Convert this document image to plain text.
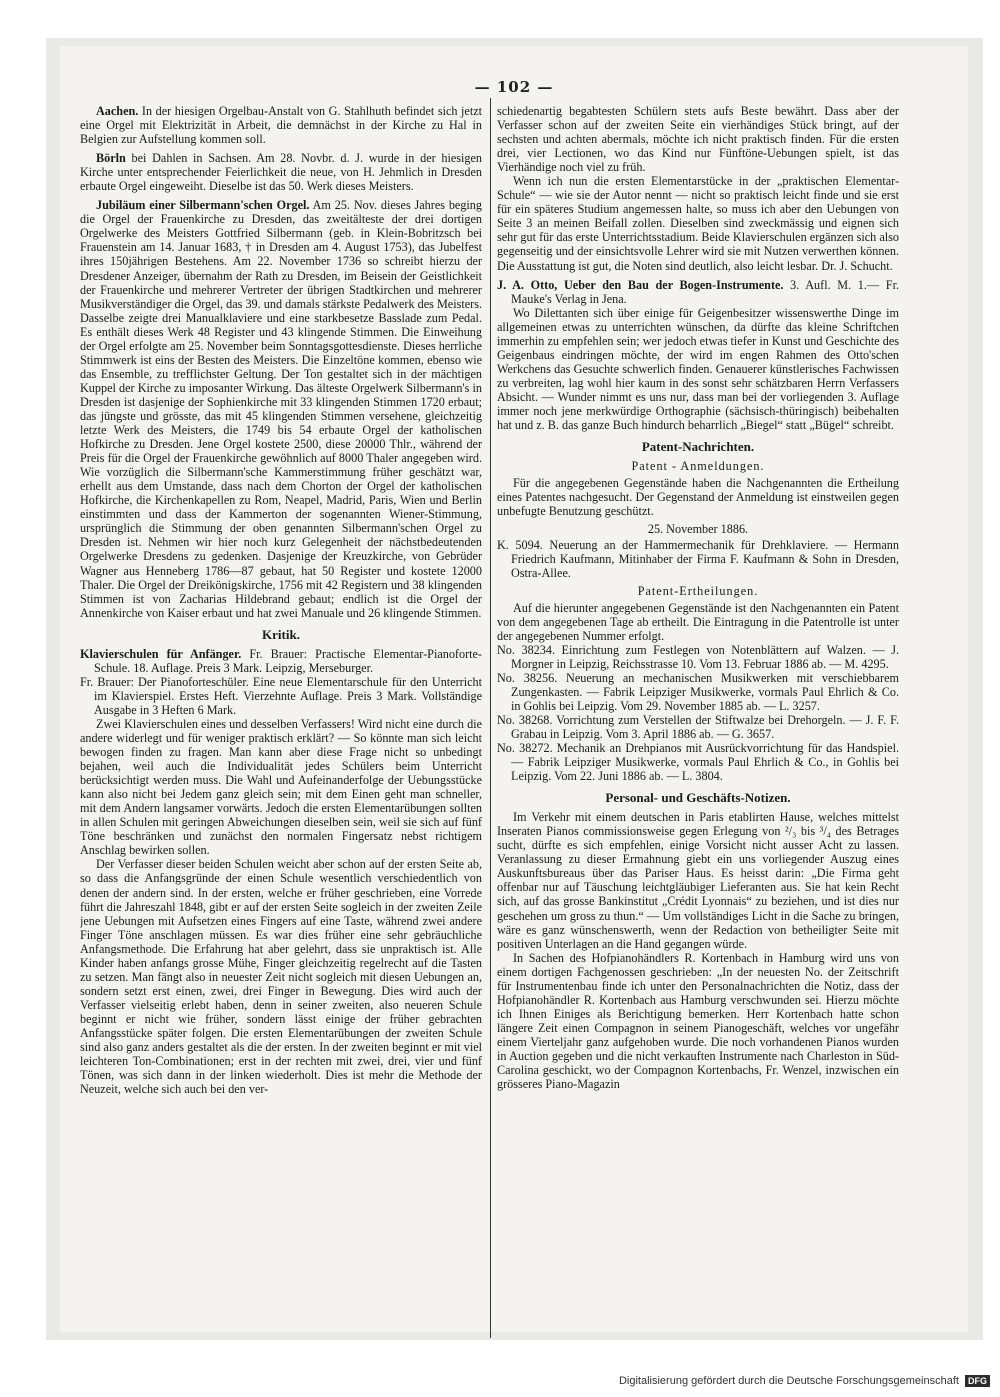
— 102 —

Aachen. In der hiesigen Orgelbau-Anstalt von G. Stahlhuth befindet sich jetzt eine Orgel mit Elektrizität in Arbeit, die demnächst in der Kirche zu Hal in Belgien zur Aufstellung kommen soll.

Börln bei Dahlen in Sachsen. Am 28. Novbr. d. J. wurde in der hiesigen Kirche unter entsprechender Feierlichkeit die neue, von H. Jehmlich in Dresden erbaute Orgel eingeweiht. Dieselbe ist das 50. Werk dieses Meisters.

Jubiläum einer Silbermann'schen Orgel. Am 25. Nov. dieses Jahres beging die Orgel der Frauenkirche zu Dresden, das zweitälteste der drei dortigen Orgelwerke des Meisters Gottfried Silbermann (geb. in Klein-Bobritzsch bei Frauenstein am 14. Januar 1683, † in Dresden am 4. August 1753), das Jubelfest ihres 150jährigen Bestehens. Am 22. November 1736 so schreibt hierzu der Dresdener Anzeiger, übernahm der Rath zu Dresden, im Beisein der Geistlichkeit der Frauenkirche und mehrerer Vertreter der übrigen Stadtkirchen und mehrerer Musikverständiger die Orgel, das 39. und damals stärkste Pedalwerk des Meisters. Dasselbe zeigte drei Manualklaviere und eine starkbesetze Basslade zum Pedal. Es enthält dieses Werk 48 Register und 43 klingende Stimmen. Die Einweihung der Orgel erfolgte am 25. November beim Sonntagsgottesdienste. Dieses herrliche Stimmwerk ist eins der Besten des Meisters. Die Einzeltöne kommen, ebenso wie das Ensemble, zu trefflichster Geltung. Der Ton gestaltet sich in der mächtigen Kuppel der Kirche zu imposanter Wirkung. Das älteste Orgelwerk Silbermann's in Dresden ist dasjenige der Sophienkirche mit 33 klingenden Stimmen 1720 erbaut; das jüngste und grösste, das mit 45 klingenden Stimmen versehene, gleichzeitig letzte Werk des Meisters, die 1749 bis 54 erbaute Orgel der katholischen Hofkirche zu Dresden. Jene Orgel kostete 2500, diese 20000 Thlr., während der Preis für die Orgel der Frauenkirche gewöhnlich auf 8000 Thaler angegeben wird. Wie vorzüglich die Silbermann'sche Kammerstimmung früher geschätzt war, erhellt aus dem Umstande, dass nach dem Chorton der Orgel der katholischen Hofkirche, die Kirchenkapellen zu Rom, Neapel, Madrid, Paris, Wien und Berlin einstimmten und dass der Kammerton der sogenannten Wiener-Stimmung, ursprünglich die Stimmung der oben genannten Silbermann'schen Orgel zu Dresden ist. Nehmen wir hier noch kurz Gelegenheit der nächstbedeutenden Orgelwerke Dresdens zu gedenken. Dasjenige der Kreuzkirche, von Gebrüder Wagner aus Henneberg 1786—87 gebaut, hat 50 Register und kostete 12000 Thaler. Die Orgel der Dreikönigskirche, 1756 mit 42 Registern und 38 klingenden Stimmen ist von Zacharias Hildebrand gebaut; endlich ist die Orgel der Annenkirche von Kaiser erbaut und hat zwei Manuale und 26 klingende Stimmen.

Kritik.

Klavierschulen für Anfänger. Fr. Brauer: Practische Elementar-Pianoforte-Schule. 18. Auflage. Preis 3 Mark. Leipzig, Merseburger.

Fr. Brauer: Der Pianoforteschüler. Eine neue Elementarschule für den Unterricht im Klavierspiel. Erstes Heft. Vierzehnte Auflage. Preis 3 Mark. Vollständige Ausgabe in 3 Heften 6 Mark.

Zwei Klavierschulen eines und desselben Verfassers! Wird nicht eine durch die andere widerlegt und für weniger praktisch erklärt? — So könnte man sich leicht bewogen finden zu fragen. Man kann aber diese Frage nicht so unbedingt bejahen, weil auch die Individualität jedes Schülers beim Unterricht berücksichtigt werden muss. Die Wahl und Aufeinanderfolge der Uebungsstücke kann also nicht bei Jedem ganz gleich sein; mit dem Einen geht man schneller, mit dem Andern langsamer vorwärts. Jedoch die ersten Elementarübungen sollten in allen Schulen mit geringen Abweichungen dieselben sein, weil sie sich auf fünf Töne beschränken und zunächst den normalen Fingersatz nebst richtigem Anschlag bewirken sollen.

Der Verfasser dieser beiden Schulen weicht aber schon auf der ersten Seite ab, so dass die Anfangsgründe der einen Schule wesentlich verschiedentlich von denen der andern sind. In der ersten, welche er früher geschrieben, eine Vorrede führt die Jahreszahl 1848, gibt er auf der ersten Seite sogleich in der zweiten Zeile jene Uebungen mit Aufsetzen eines Fingers auf eine Taste, während zwei andere Finger Töne anschlagen müssen. Es war dies früher eine sehr gebräuchliche Anfangsmethode. Die Erfahrung hat aber gelehrt, dass sie unpraktisch ist. Alle Kinder haben anfangs grosse Mühe, Finger gleichzeitig regelrecht auf die Tasten zu setzen. Man fängt also in neuester Zeit nicht sogleich mit diesen Uebungen an, sondern setzt erst einen, zwei, drei Finger in Bewegung. Dies wird auch der Verfasser vielseitig erlebt haben, denn in seiner zweiten, also neueren Schule beginnt er nicht wie früher, sondern lässt einige der früher gebrachten Anfangsstücke später folgen. Die ersten Elementarübungen der zweiten Schule sind also ganz anders gestaltet als die der ersten. In der zweiten beginnt er mit viel leichteren Ton-Combinationen; erst in der rechten mit zwei, drei, vier und fünf Tönen, was sich dann in der linken wiederholt. Dies ist mehr die Methode der Neuzeit, welche sich auch bei den ver-

schiedenartig begabtesten Schülern stets aufs Beste bewährt. Dass aber der Verfasser schon auf der zweiten Seite ein vierhändiges Stück bringt, auf der sechsten und achten abermals, möchte ich nicht praktisch finden. Für die ersten drei, vier Lectionen, wo das Kind nur Fünftöne-Uebungen spielt, ist das Vierhändige noch viel zu früh.

Wenn ich nun die ersten Elementarstücke in der „praktischen Elementar-Schule“ — wie sie der Autor nennt — nicht so praktisch leicht finde und sie erst für ein späteres Studium angemessen halte, so muss ich aber den Uebungen von Seite 3 an meinen Beifall zollen. Dieselben sind zweckmässig und eignen sich sehr gut für das erste Unterrichtsstadium. Beide Klavierschulen ergänzen sich also gegenseitig und der einsichtsvolle Lehrer wird sie mit Nutzen verwerthen können. Die Ausstattung ist gut, die Noten sind deutlich, also leicht lesbar. Dr. J. Schucht.

J. A. Otto, Ueber den Bau der Bogen-Instrumente. 3. Aufl. M. 1.— Fr. Mauke's Verlag in Jena.

Wo Dilettanten sich über einige für Geigenbesitzer wissenswerthe Dinge im allgemeinen etwas zu unterrichten wünschen, da dürfte das kleine Schriftchen immerhin zu empfehlen sein; wer jedoch etwas tiefer in Kunst und Geschichte des Geigenbaus eindringen möchte, der wird im engen Rahmen des Otto'schen Werkchens das Gesuchte schwerlich finden. Genauerer künstlerisches Fachwissen zu verbreiten, lag wohl hier kaum in des sonst sehr schätzbaren Herrn Verfassers Absicht. — Wunder nimmt es uns nur, dass man bei der vorliegenden 3. Auflage immer noch jene merkwürdige Orthographie (sächsisch-thüringisch) beibehalten hat und z. B. das ganze Buch hindurch beharrlich „Biegel“ statt „Bügel“ schreibt.

Patent-Nachrichten.

Patent - Anmeldungen.

Für die angegebenen Gegenstände haben die Nachgenannten die Ertheilung eines Patentes nachgesucht. Der Gegenstand der Anmeldung ist einstweilen gegen unbefugte Benutzung geschützt.

25. November 1886.

K. 5094. Neuerung an der Hammermechanik für Drehklaviere. — Hermann Friedrich Kaufmann, Mitinhaber der Firma F. Kaufmann & Sohn in Dresden, Ostra-Allee.

Patent-Ertheilungen.

Auf die hierunter angegebenen Gegenstände ist den Nachgenannten ein Patent von dem angegebenen Tage ab ertheilt. Die Eintragung in die Patentrolle ist unter der angegebenen Nummer erfolgt.

No. 38234. Einrichtung zum Festlegen von Notenblättern auf Walzen. — J. Morgner in Leipzig, Reichsstrasse 10. Vom 13. Februar 1886 ab. — M. 4295.

No. 38256. Neuerung an mechanischen Musikwerken mit verschiebbarem Zungenkasten. — Fabrik Leipziger Musikwerke, vormals Paul Ehrlich & Co. in Gohlis bei Leipzig. Vom 29. November 1885 ab. — L. 3257.

No. 38268. Vorrichtung zum Verstellen der Stiftwalze bei Drehorgeln. — J. F. F. Grabau in Leipzig. Vom 3. April 1886 ab. — G. 3657.

No. 38272. Mechanik an Drehpianos mit Ausrückvorrichtung für das Handspiel. — Fabrik Leipziger Musikwerke, vormals Paul Ehrlich & Co., in Gohlis bei Leipzig. Vom 22. Juni 1886 ab. — L. 3804.

Personal- und Geschäfts-Notizen.

Im Verkehr mit einem deutschen in Paris etablirten Hause, welches mittelst Inseraten Pianos commissionsweise gegen Erlegung von ²/₃ bis ³/₄ des Betrages sucht, dürfte es sich empfehlen, einige Vorsicht nicht ausser Acht zu lassen. Veranlassung zu dieser Ermahnung giebt ein uns vorliegender Auszug eines Auskunftsbureaus über das Pariser Haus. Es heisst darin: „Die Firma geht offenbar nur auf Täuschung leichtgläubiger Lieferanten aus. Sie hat kein Recht sich, auf das grosse Bankinstitut „Crédit Lyonnais“ zu beziehen, und ist dies nur geschehen um gross zu thun.“ — Um vollständiges Licht in die Sache zu bringen, wäre es ganz wünschenswerth, wenn der Redaction von betheiligter Seite mit positiven Unterlagen an die Hand gegangen würde.

In Sachen des Hofpianohändlers R. Kortenbach in Hamburg wird uns von einem dortigen Fachgenossen geschrieben: „In der neuesten No. der Zeitschrift für Instrumentenbau finde ich unter den Personalnachrichten die Notiz, dass der Hofpianohändler R. Kortenbach aus Hamburg verschwunden sei. Hierzu möchte ich Ihnen Einiges als Berichtigung bemerken. Herr Kortenbach hatte schon längere Zeit einen Compagnon in seinem Pianogeschäft, welches vor ungefähr einem Vierteljahr ganz aufgehoben wurde. Die noch vorhandenen Pianos wurden in Auction gegeben und die nicht verkauften Instrumente nach Charleston in Süd-Carolina geschickt, wo der Compagnon Kortenbachs, Fr. Wenzel, inzwischen ein grösseres Piano-Magazin

Digitalisierung gefördert durch die Deutsche Forschungsgemeinschaft DFG
